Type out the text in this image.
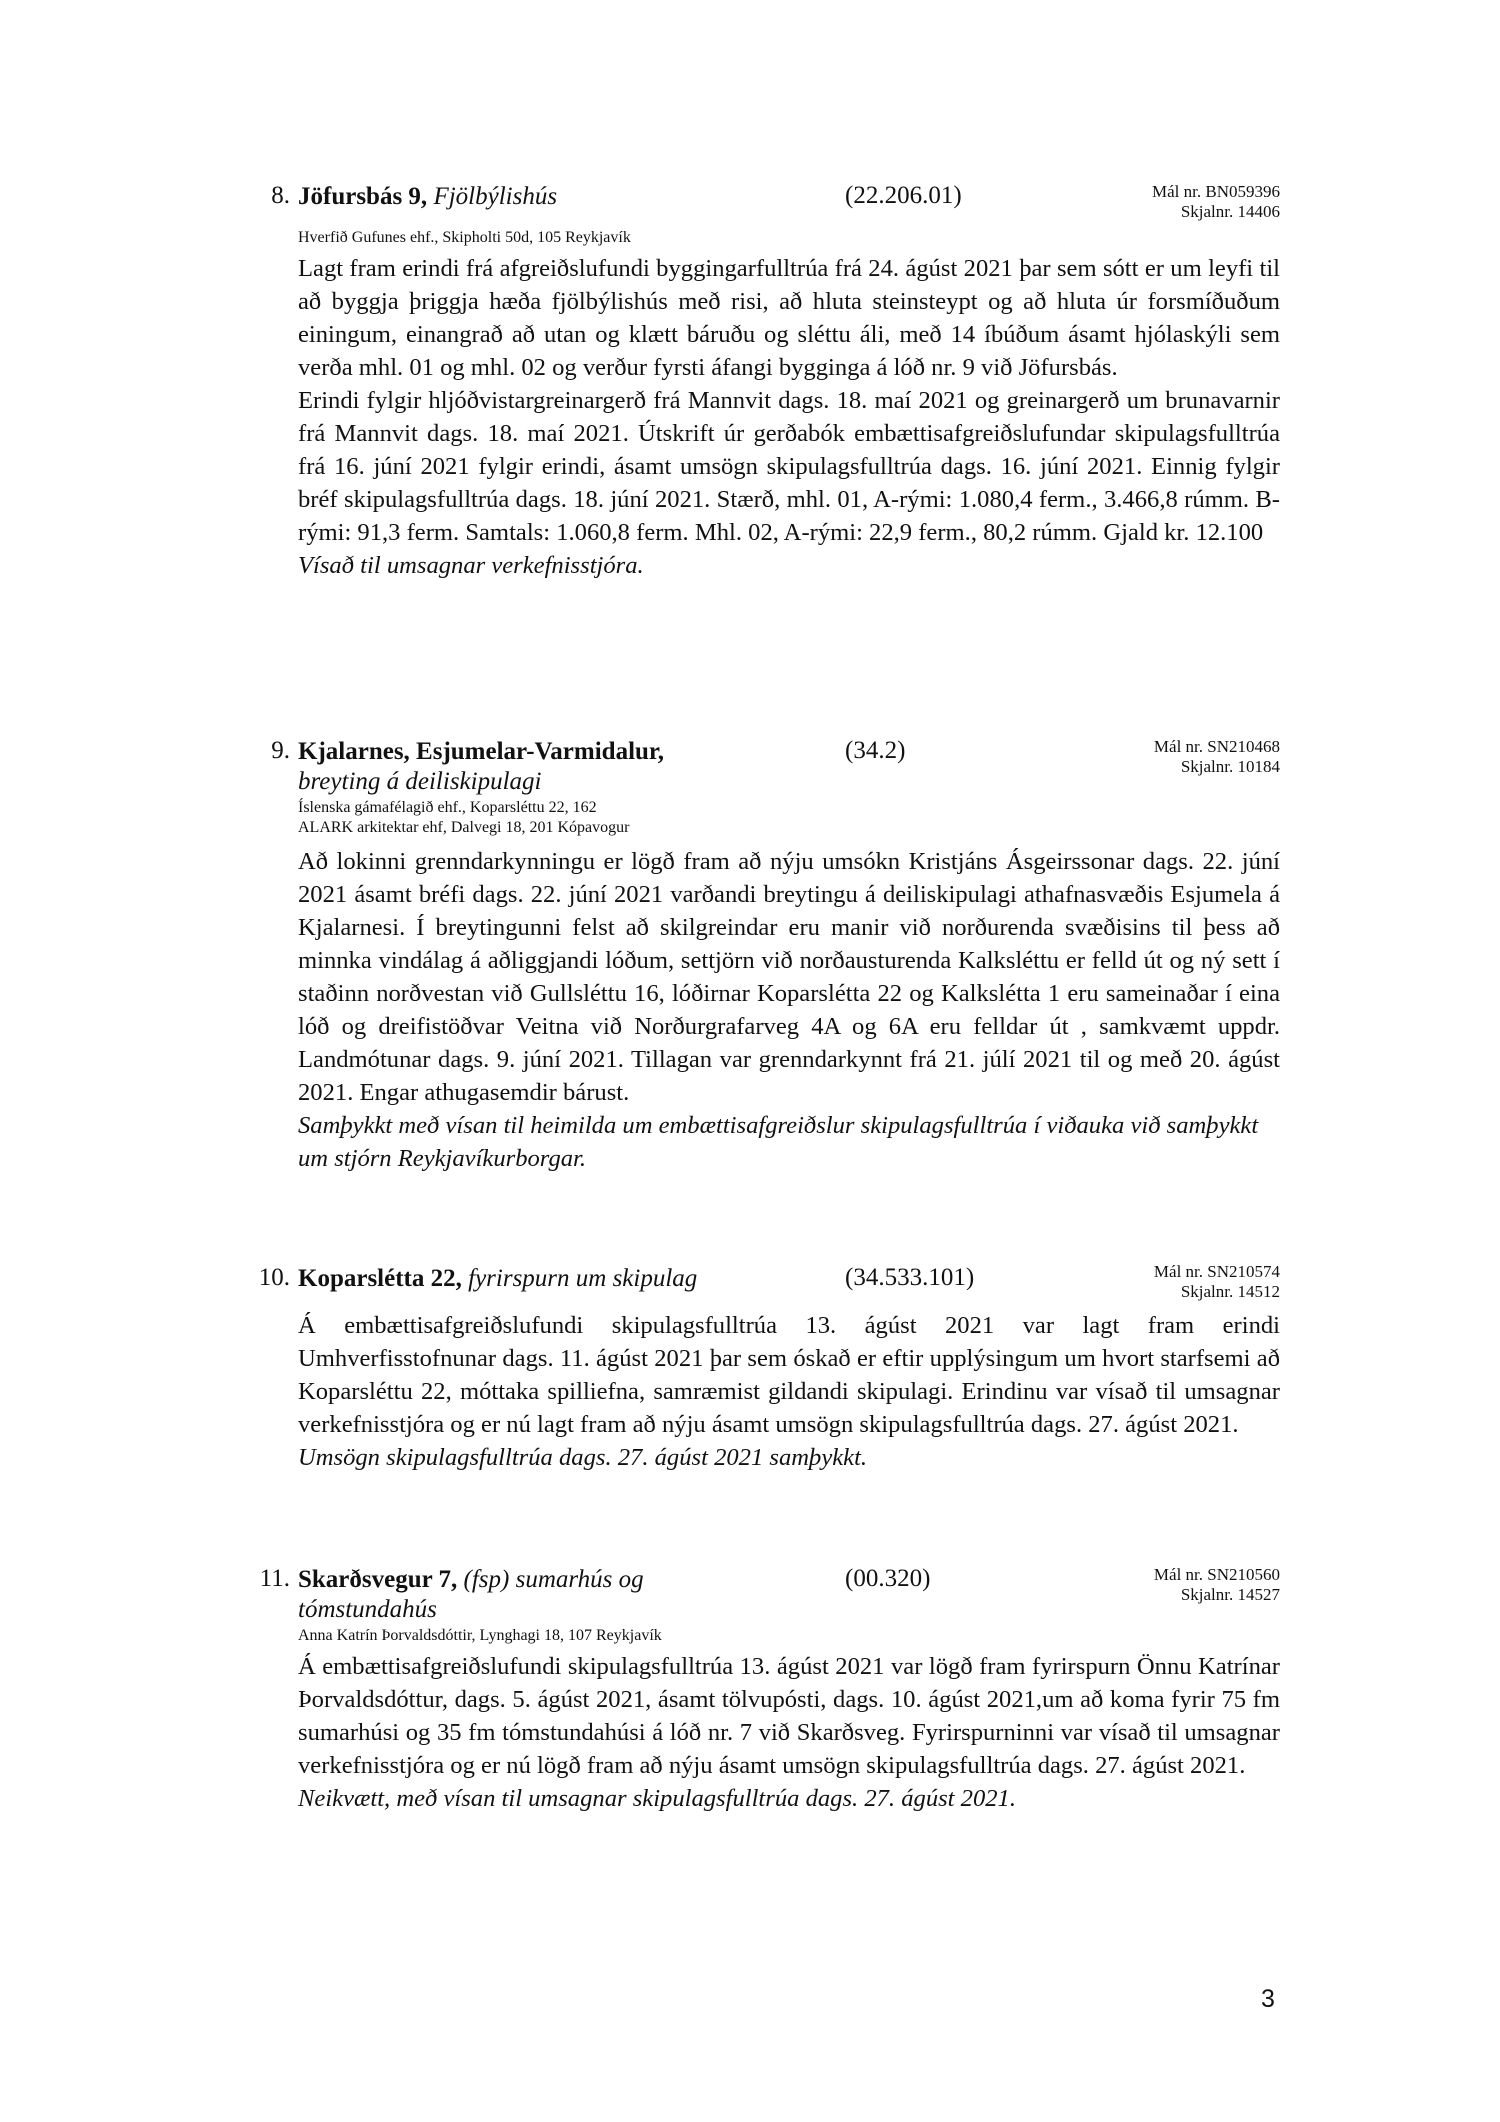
8. Jöfursbás 9, Fjölbýlishús	(22.206.01)	Mál nr. BN059396
Skjalnr. 14406
Hverfið Gufunes ehf., Skipholti 50d, 105 Reykjavík

Lagt fram erindi frá afgreiðslufundi byggingarfulltrúa frá 24. ágúst 2021 þar sem sótt er um leyfi til að byggja þriggja hæða fjölbýlishús með risi, að hluta steinsteypt og að hluta úr forsmíðuðum einingum, einangrað að utan og klætt báruðu og sléttu áli, með 14 íbúðum ásamt hjólaskýli sem verða mhl. 01 og mhl. 02 og verður fyrsti áfangi bygginga á lóð nr. 9 við Jöfursbás.

Erindi fylgir hljóðvistargreinargerð frá Mannvit dags. 18. maí 2021 og greinargerð um brunavarnir frá Mannvit dags. 18. maí 2021. Útskrift úr gerðabók embættisafgreiðslufundar skipulagsfulltrúa frá 16. júní 2021 fylgir erindi, ásamt umsögn skipulagsfulltrúa dags. 16. júní 2021. Einnig fylgir bréf skipulagsfulltrúa dags. 18. júní 2021. Stærð, mhl. 01, A-rými: 1.080,4 ferm., 3.466,8 rúmm. B-rými: 91,3 ferm. Samtals: 1.060,8 ferm. Mhl. 02, A-rými: 22,9 ferm., 80,2 rúmm. Gjald kr. 12.100

Vísað til umsagnar verkefnisstjóra.

9. Kjalarnes, Esjumelar-Varmidalur,
breyting á deiliskipulagi
(34.2)	Mál nr. SN210468
Skjalnr. 10184
Íslenska gámafélagið ehf., Koparsléttu 22, 162
ALARK arkitektar ehf, Dalvegi 18, 201 Kópavogur

Að lokinni grenndarkynningu er lögð fram að nýju umsókn Kristjáns Ásgeirssonar dags. 22. júní 2021 ásamt bréfi dags. 22. júní 2021 varðandi breytingu á deiliskipulagi athafnasvæðis Esjumela á Kjalarnesi. Í breytingunni felst að skilgreindar eru manir við norðurenda svæðisins til þess að minnka vindálag á aðliggjandi lóðum, settjörn við norðausturenda Kalksléttu er felld út og ný sett í staðinn norðvestan við Gullsléttu 16, lóðirnar Koparslétta 22 og Kalkslétta 1 eru sameinaðar í eina lóð og dreifistöðvar Veitna við Norðurgrafarveg 4A og 6A eru felldar út , samkvæmt uppdr. Landmótunar dags. 9. júní 2021. Tillagan var grenndarkynnt frá 21. júlí 2021 til og með 20. ágúst 2021. Engar athugasemdir bárust.

Samþykkt með vísan til heimilda um embættisafgreiðslur skipulagsfulltrúa í viðauka við samþykkt um stjórn Reykjavíkurborgar.

10. Koparslétta 22, fyrirspurn um skipulag	(34.533.101)	Mál nr. SN210574
Skjalnr. 14512

Á embættisafgreiðslufundi skipulagsfulltrúa 13. ágúst 2021 var lagt fram erindi Umhverfisstofnunar dags. 11. ágúst 2021 þar sem óskað er eftir upplýsingum um hvort starfsemi að Koparsléttu 22, móttaka spilliefna, samræmist gildandi skipulagi. Erindinu var vísað til umsagnar verkefnisstjóra og er nú lagt fram að nýju ásamt umsögn skipulagsfulltrúa dags. 27. ágúst 2021.

Umsögn skipulagsfulltrúa dags. 27. ágúst 2021 samþykkt.

11. Skarðsvegur 7, (fsp) sumarhús og tómstundahús
(00.320)	Mál nr. SN210560
Skjalnr. 14527
Anna Katrín Þorvaldsdóttir, Lynghagi 18, 107 Reykjavík

Á embættisafgreiðslufundi skipulagsfulltrúa 13. ágúst 2021 var lögð fram fyrirspurn Önnu Katrínar Þorvaldsdóttur, dags. 5. ágúst 2021, ásamt tölvupósti, dags. 10. ágúst 2021,um að koma fyrir 75 fm sumarhúsi og 35 fm tómstundahúsi á lóð nr. 7 við Skarðsveg. Fyrirspurninni var vísað til umsagnar verkefnisstjóra og er nú lögð fram að nýju ásamt umsögn skipulagsfulltrúa dags. 27. ágúst 2021.

Neikvætt, með vísan til umsagnar skipulagsfulltrúa dags. 27. ágúst 2021.

3
